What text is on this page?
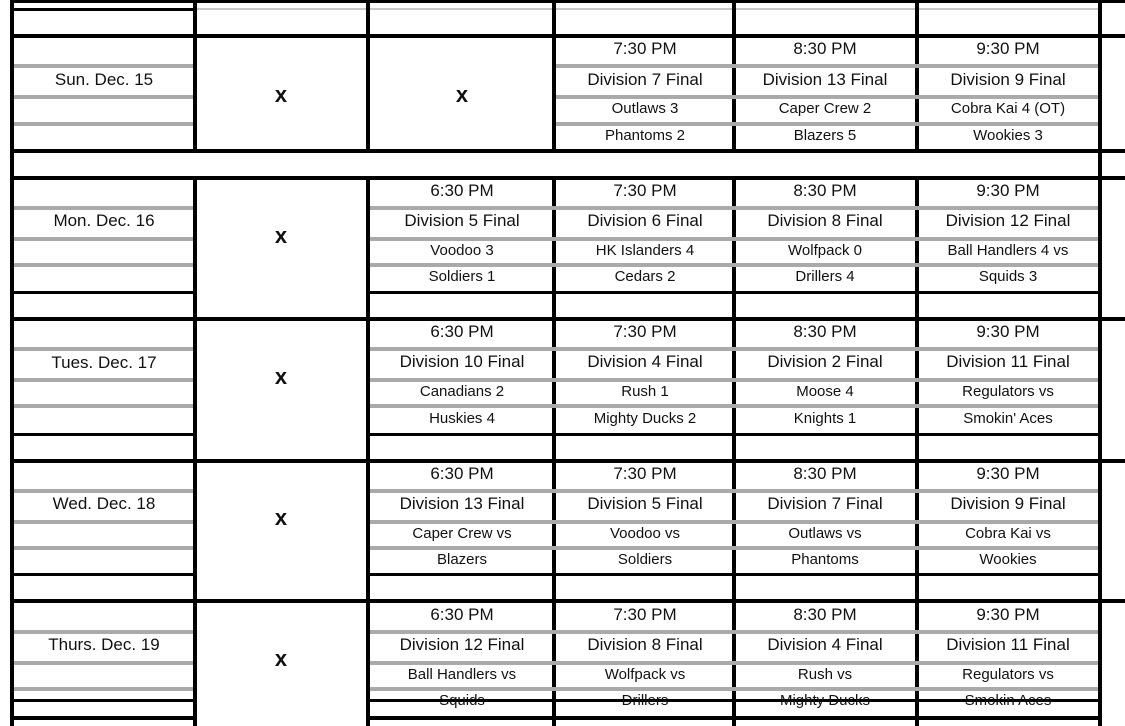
Sun. Dec. 15
x	x
7:30 PM
Division 7 Final
Outlaws 3
Phantoms 2
8:30 PM
Division 13 Final
Caper Crew 2
Blazers 5
9:30 PM
Division 9 Final
Cobra Kai 4 (OT)
Wookies 3
Mon. Dec. 16
x
6:30 PM
Division 5 Final
Voodoo 3
Soldiers 1
7:30 PM
Division 6 Final
HK Islanders 4
Cedars 2
8:30 PM
Division 8 Final
Wolfpack 0
Drillers 4
9:30 PM
Division 12 Final
Ball Handlers 4 vs
Squids 3
Tues. Dec. 17
x
6:30 PM
Division 10 Final
Canadians 2
Huskies 4
7:30 PM
Division 4 Final
Rush 1
Mighty Ducks 2
8:30 PM
Division 2 Final
Moose 4
Knights 1
9:30 PM
Division 11 Final
Regulators vs
Smokin' Aces
Wed. Dec. 18
x
6:30 PM
Division 13 Final
Caper Crew vs
Blazers
7:30 PM
Division 5 Final
Voodoo vs
Soldiers
8:30 PM
Division 7 Final
Outlaws vs
Phantoms
9:30 PM
Division 9 Final
Cobra Kai vs
Wookies
Thurs. Dec. 19
x
6:30 PM
Division 12 Final
Ball Handlers vs
Squids
7:30 PM
Division 8 Final
Wolfpack vs
Drillers
8:30 PM
Division 4 Final
Rush vs
Mighty Ducks
9:30 PM
Division 11 Final
Regulators vs
Smokin Aces
